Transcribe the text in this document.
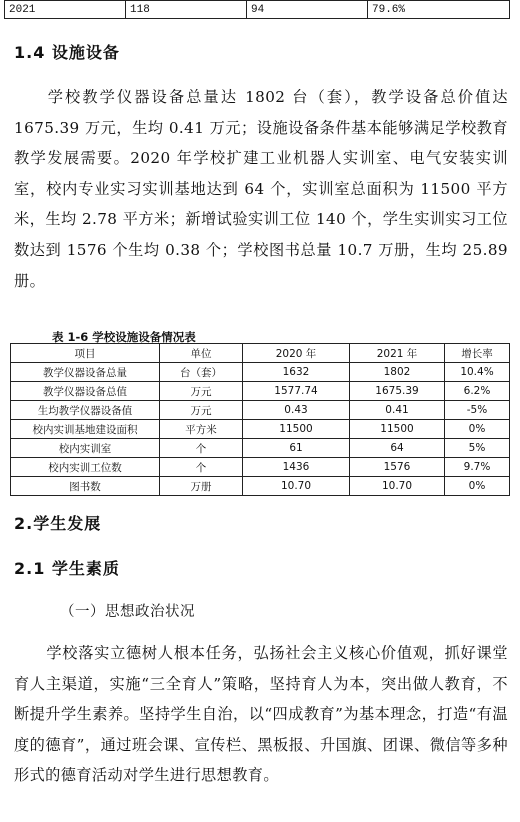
2021	118	94	79.6%
1.4 设施设备

学校教学仪器设备总量达 1802 台（套），教学设备总价值达 1675.39 万元，生均 0.41 万元；设施设备条件基本能够满足学校教育教学发展需要。2020 年学校扩建工业机器人实训室、电气安装实训室，校内专业实习实训基地达到 64 个，实训室总面积为 11500 平方米，生均 2.78 平方米；新增试验实训工位 140 个，学生实训实习工位数达到 1576 个生均 0.38 个；学校图书总量 10.7 万册，生均 25.89 册。

表 1-6 学校设施设备情况表

项目	单位	2020 年	2021 年	增长率
教学仪器设备总量	台（套）	1632	1802	10.4%
教学仪器设备总值	万元	1577.74	1675.39	6.2%
生均教学仪器设备值	万元	0.43	0.41	-5%
校内实训基地建设面积	平方米	11500	11500	0%
校内实训室	个	61	64	5%
校内实训工位数	个	1436	1576	9.7%
图书数	万册	10.70	10.70	0%
2.学生发展
2.1 学生素质

（一）思想政治状况

学校落实立德树人根本任务，弘扬社会主义核心价值观，抓好课堂育人主渠道，实施“三全育人”策略，坚持育人为本，突出做人教育，不断提升学生素养。坚持学生自治，以“四成教育”为基本理念，打造“有温度的德育”，通过班会课、宣传栏、黑板报、升国旗、团课、微信等多种形式的德育活动对学生进行思想教育。
